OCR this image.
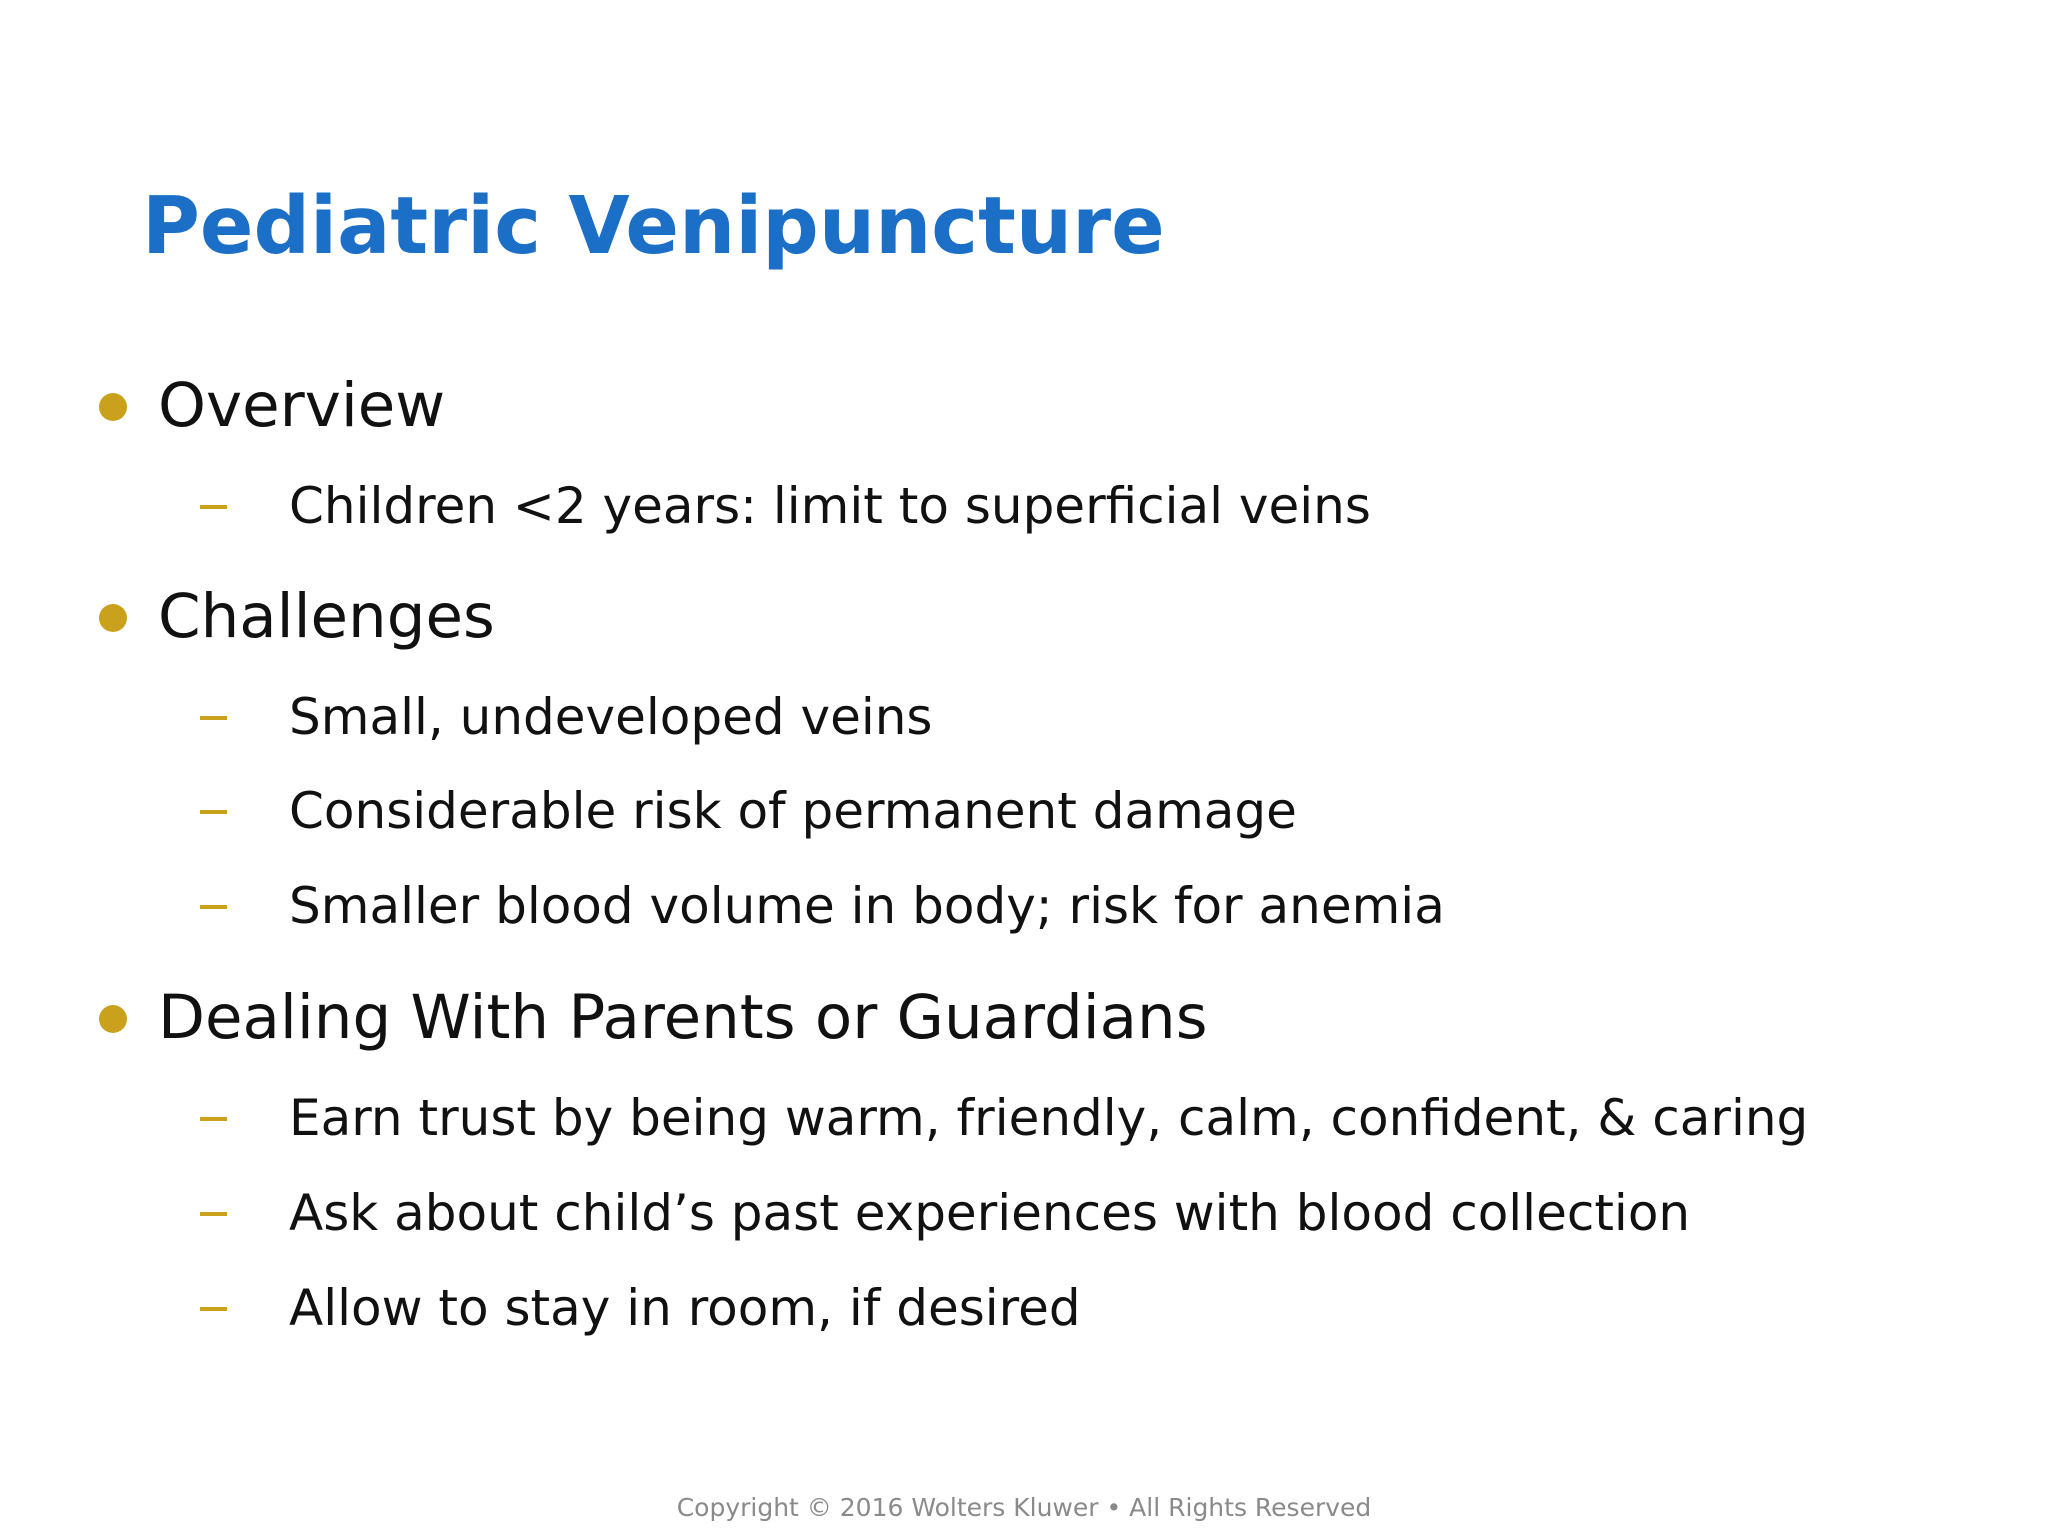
Pediatric Venipuncture
Overview
Children <2 years: limit to superficial veins
Challenges
Small, undeveloped veins
Considerable risk of permanent damage
Smaller blood volume in body; risk for anemia
Dealing With Parents or Guardians
Earn trust by being warm, friendly, calm, confident, & caring
Ask about child’s past experiences with blood collection
Allow to stay in room, if desired
Copyright © 2016 Wolters Kluwer • All Rights Reserved
